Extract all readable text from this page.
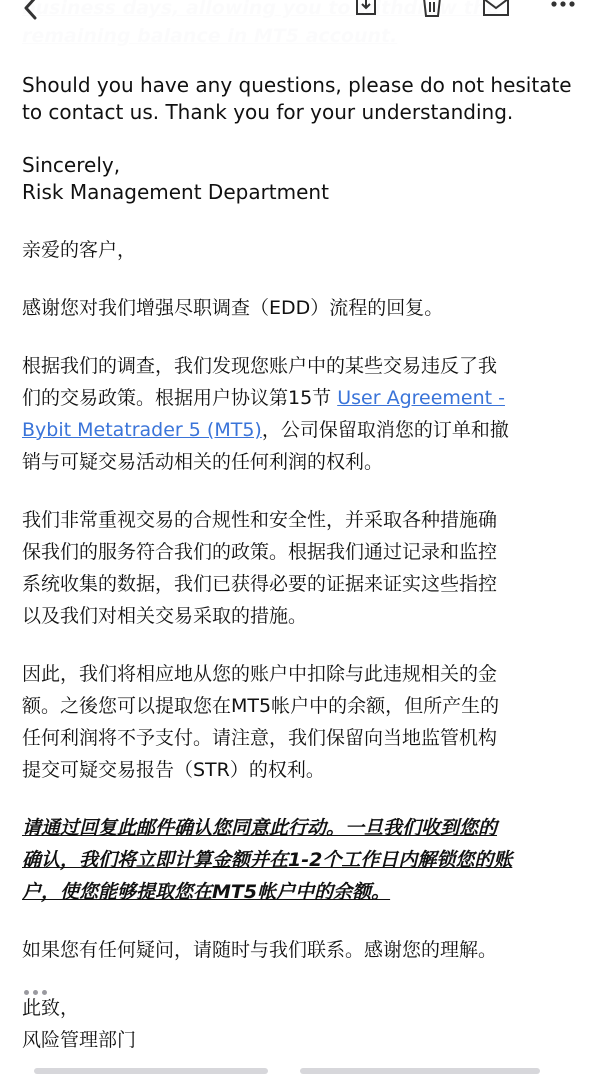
Should you have any questions, please do not hesitate

to contact us. Thank you for your understanding.

Sincerely,

Risk Management Department

亲爱的客户，

感谢您对我们增强尽职调查（EDD）流程的回复。

根据我们的调查，我们发现您账户中的某些交易违反了我

们的交易政策。根据用户协议第15节 User Agreement -

Bybit Metatrader 5 (MT5)，公司保留取消您的订单和撤

销与可疑交易活动相关的任何利润的权利。

我们非常重视交易的合规性和安全性，并采取各种措施确

保我们的服务符合我们的政策。根据我们通过记录和监控

系统收集的数据，我们已获得必要的证据来证实这些指控

以及我们对相关交易采取的措施。

因此，我们将相应地从您的账户中扣除与此违规相关的金

额。之後您可以提取您在MT5帐户中的余额，但所产生的

任何利润将不予支付。请注意，我们保留向当地监管机构

提交可疑交易报告（STR）的权利。

请通过回复此邮件确认您同意此行动。一旦我们收到您的

确认，我们将立即计算金额并在1-2个工作日内解锁您的账

户，使您能够提取您在MT5帐户中的余额。

如果您有任何疑问，请随时与我们联系。感谢您的理解。

此致，

风险管理部门
